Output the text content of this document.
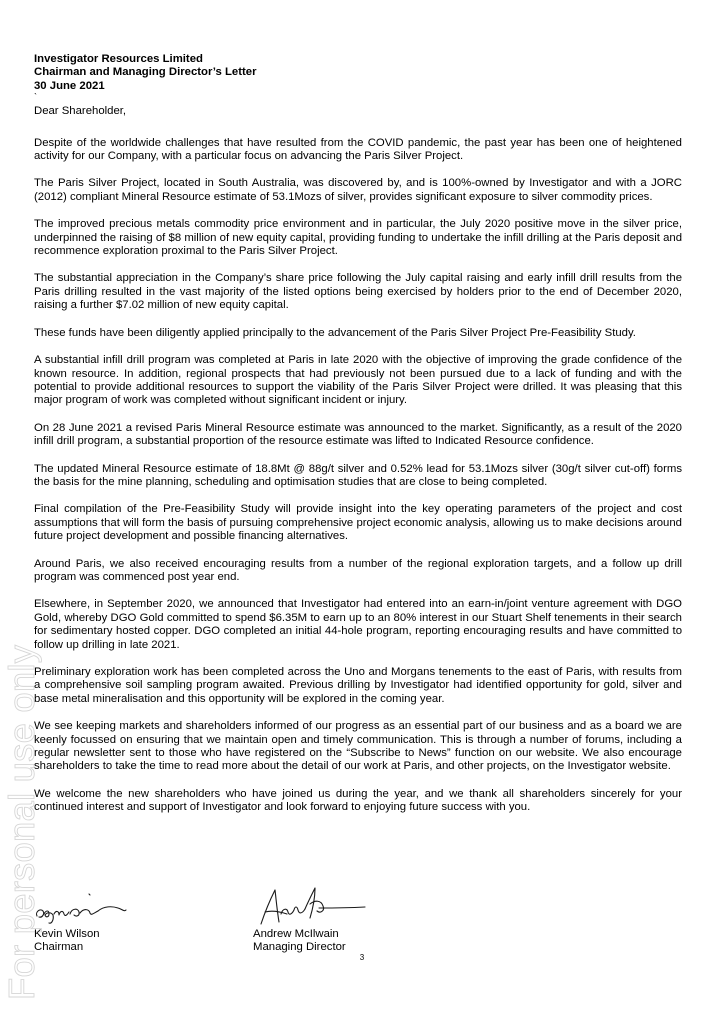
For personal use only

Investigator Resources Limited

Chairman and Managing Director’s Letter

30 June 2021

`

Dear Shareholder,

Despite of the worldwide challenges that have resulted from the COVID pandemic, the past year has been one of heightened activity for our Company, with a particular focus on advancing the Paris Silver Project.

The Paris Silver Project, located in South Australia, was discovered by, and is 100%-owned by Investigator and with a JORC (2012) compliant Mineral Resource estimate of 53.1Mozs of silver, provides significant exposure to silver commodity prices.

The improved precious metals commodity price environment and in particular, the July 2020 positive move in the silver price, underpinned the raising of $8 million of new equity capital, providing funding to undertake the infill drilling at the Paris deposit and recommence exploration proximal to the Paris Silver Project.

The substantial appreciation in the Company’s share price following the July capital raising and early infill drill results from the Paris drilling resulted in the vast majority of the listed options being exercised by holders prior to the end of December 2020, raising a further $7.02 million of new equity capital.

These funds have been diligently applied principally to the advancement of the Paris Silver Project Pre-Feasibility Study.

A substantial infill drill program was completed at Paris in late 2020 with the objective of improving the grade confidence of the known resource. In addition, regional prospects that had previously not been pursued due to a lack of funding and with the potential to provide additional resources to support the viability of the Paris Silver Project were drilled. It was pleasing that this major program of work was completed without significant incident or injury.

On 28 June 2021 a revised Paris Mineral Resource estimate was announced to the market. Significantly, as a result of the 2020 infill drill program, a substantial proportion of the resource estimate was lifted to Indicated Resource confidence.

The updated Mineral Resource estimate of 18.8Mt @ 88g/t silver and 0.52% lead for 53.1Mozs silver (30g/t silver cut-off) forms the basis for the mine planning, scheduling and optimisation studies that are close to being completed.

Final compilation of the Pre-Feasibility Study will provide insight into the key operating parameters of the project and cost assumptions that will form the basis of pursuing comprehensive project economic analysis, allowing us to make decisions around future project development and possible financing alternatives.

Around Paris, we also received encouraging results from a number of the regional exploration targets, and a follow up drill program was commenced post year end.

Elsewhere, in September 2020, we announced that Investigator had entered into an earn-in/joint venture agreement with DGO Gold, whereby DGO Gold committed to spend $6.35M to earn up to an 80% interest in our Stuart Shelf tenements in their search for sedimentary hosted copper. DGO completed an initial 44-hole program, reporting encouraging results and have committed to follow up drilling in late 2021.

Preliminary exploration work has been completed across the Uno and Morgans tenements to the east of Paris, with results from a comprehensive soil sampling program awaited. Previous drilling by Investigator had identified opportunity for gold, silver and base metal mineralisation and this opportunity will be explored in the coming year.

We see keeping markets and shareholders informed of our progress as an essential part of our business and as a board we are keenly focussed on ensuring that we maintain open and timely communication. This is through a number of forums, including a regular newsletter sent to those who have registered on the “Subscribe to News” function on our website. We also encourage shareholders to take the time to read more about the detail of our work at Paris, and other projects, on the Investigator website.

We welcome the new shareholders who have joined us during the year, and we thank all shareholders sincerely for your continued interest and support of Investigator and look forward to enjoying future success with you.

Kevin Wilson

Chairman

Andrew McIlwain

Managing Director

3
